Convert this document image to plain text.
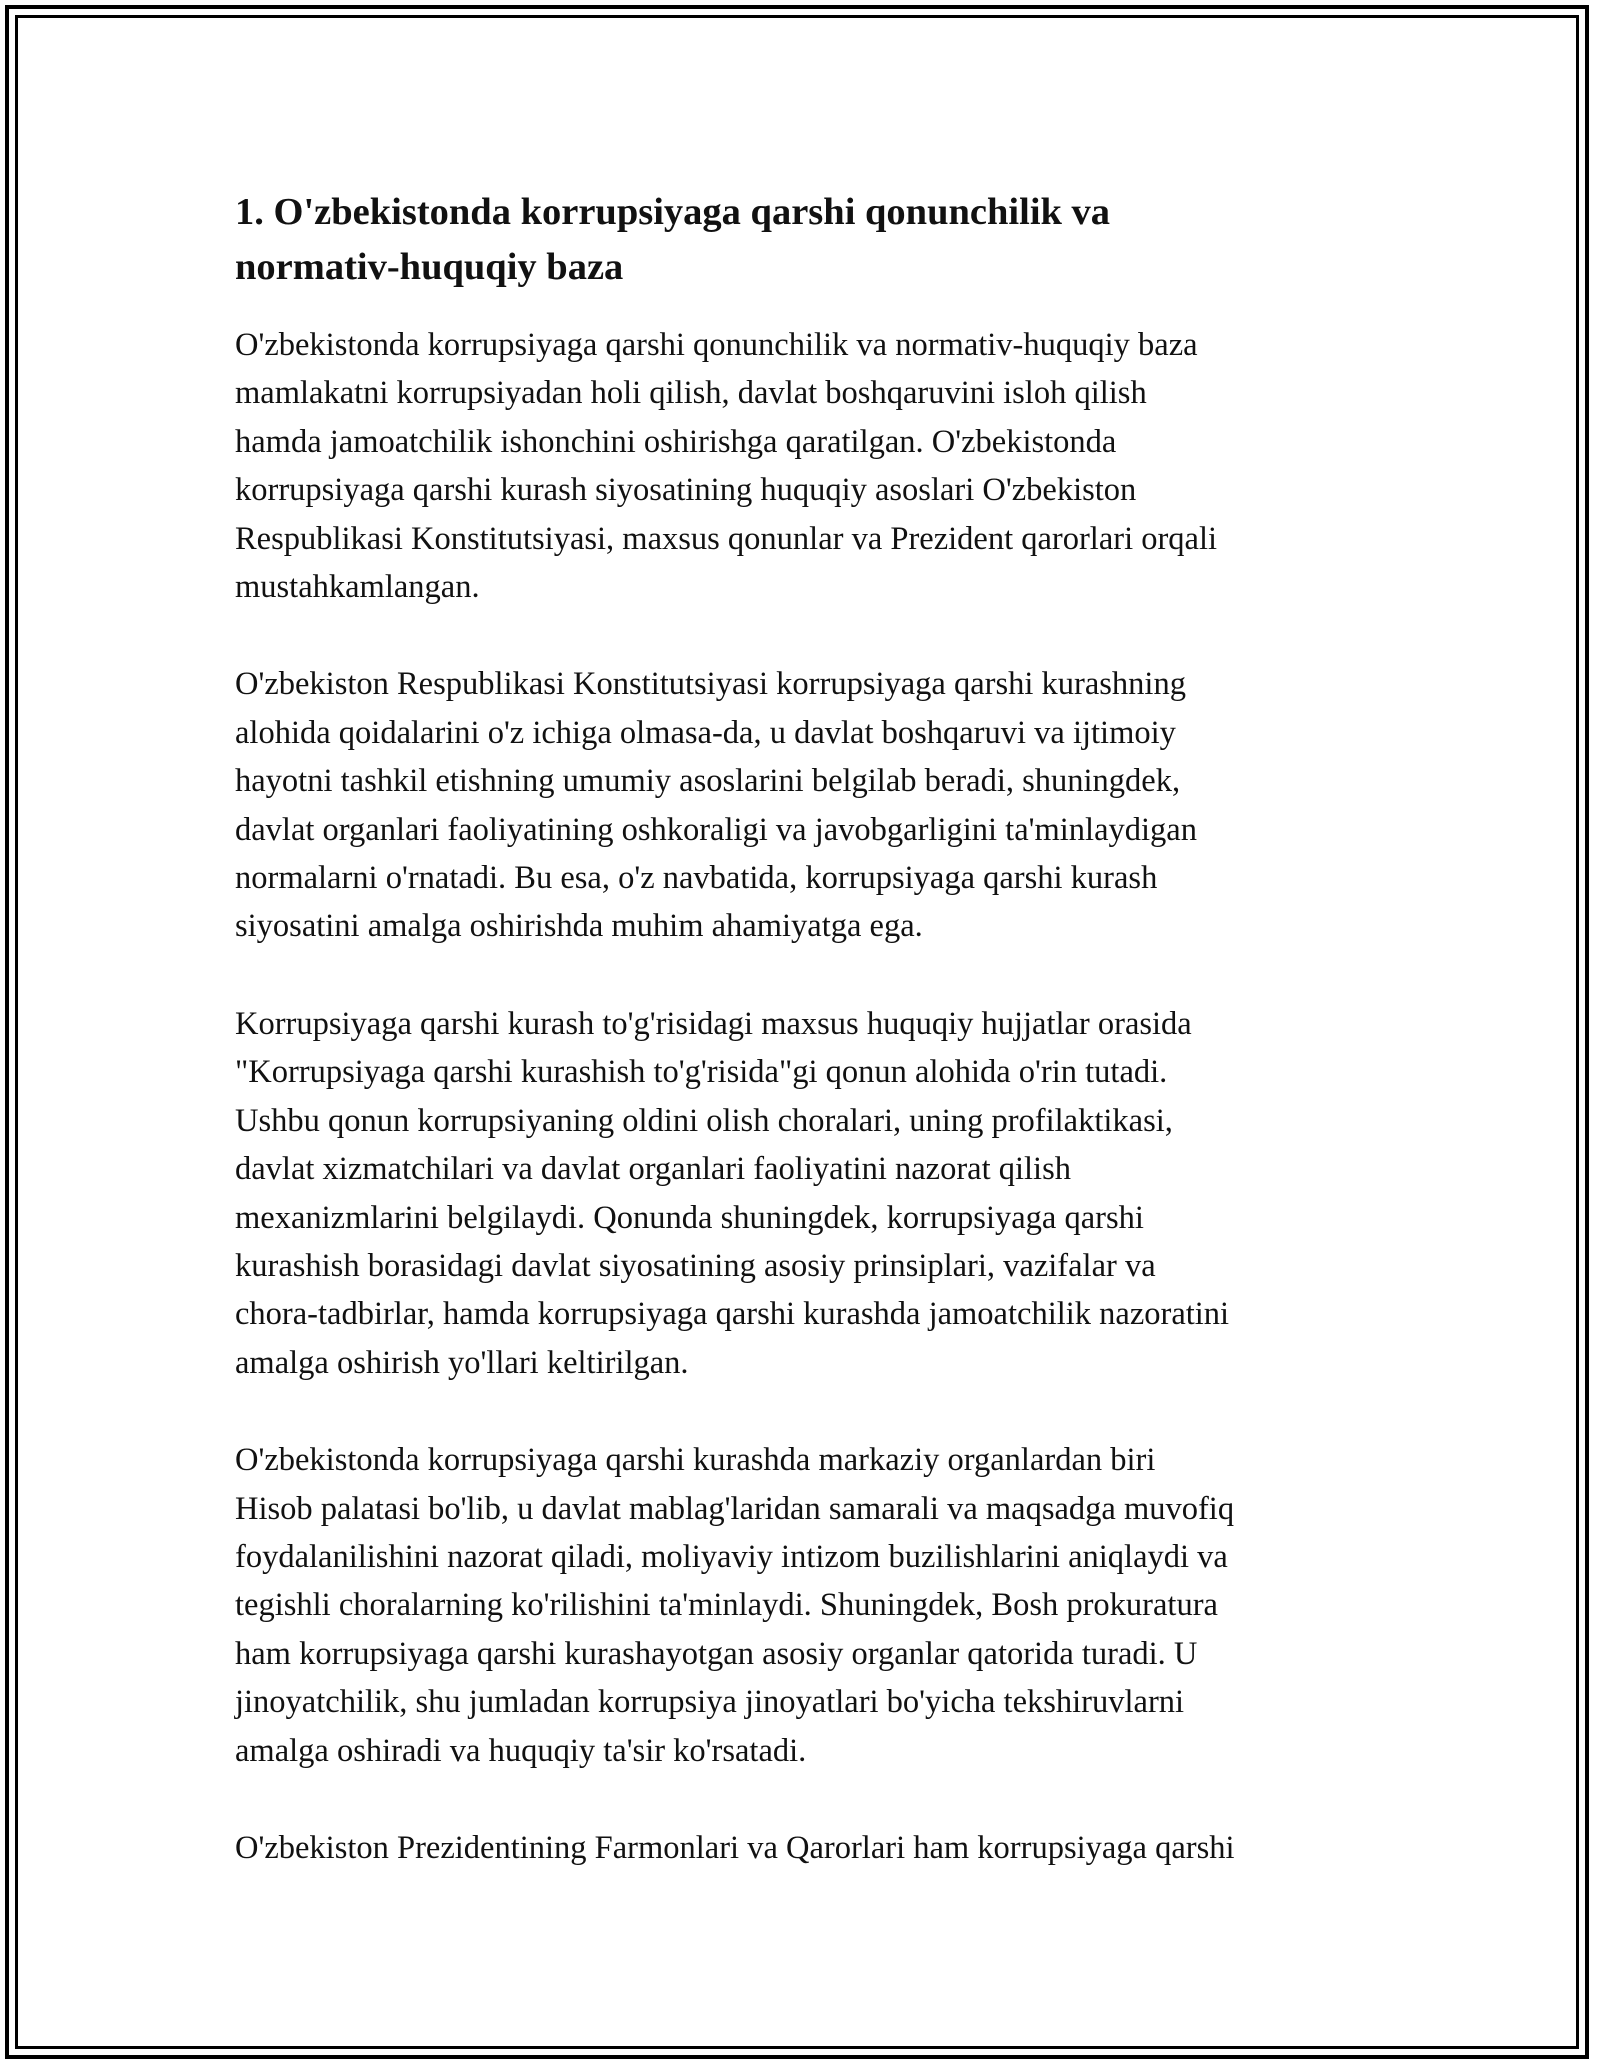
1. O'zbekistonda korrupsiyaga qarshi qonunchilik va
normativ-huquqiy baza

O'zbekistonda korrupsiyaga qarshi qonunchilik va normativ-huquqiy baza
mamlakatni korrupsiyadan holi qilish, davlat boshqaruvini isloh qilish
hamda jamoatchilik ishonchini oshirishga qaratilgan. O'zbekistonda
korrupsiyaga qarshi kurash siyosatining huquqiy asoslari O'zbekiston
Respublikasi Konstitutsiyasi, maxsus qonunlar va Prezident qarorlari orqali
mustahkamlangan.

O'zbekiston Respublikasi Konstitutsiyasi korrupsiyaga qarshi kurashning
alohida qoidalarini o'z ichiga olmasa-da, u davlat boshqaruvi va ijtimoiy
hayotni tashkil etishning umumiy asoslarini belgilab beradi, shuningdek,
davlat organlari faoliyatining oshkoraligi va javobgarligini ta'minlaydigan
normalarni o'rnatadi. Bu esa, o'z navbatida, korrupsiyaga qarshi kurash
siyosatini amalga oshirishda muhim ahamiyatga ega.

Korrupsiyaga qarshi kurash to'g'risidagi maxsus huquqiy hujjatlar orasida
"Korrupsiyaga qarshi kurashish to'g'risida"gi qonun alohida o'rin tutadi.
Ushbu qonun korrupsiyaning oldini olish choralari, uning profilaktikasi,
davlat xizmatchilari va davlat organlari faoliyatini nazorat qilish
mexanizmlarini belgilaydi. Qonunda shuningdek, korrupsiyaga qarshi
kurashish borasidagi davlat siyosatining asosiy prinsiplari, vazifalar va
chora-tadbirlar, hamda korrupsiyaga qarshi kurashda jamoatchilik nazoratini
amalga oshirish yo'llari keltirilgan.

O'zbekistonda korrupsiyaga qarshi kurashda markaziy organlardan biri
Hisob palatasi bo'lib, u davlat mablag'laridan samarali va maqsadga muvofiq
foydalanilishini nazorat qiladi, moliyaviy intizom buzilishlarini aniqlaydi va
tegishli choralarning ko'rilishini ta'minlaydi. Shuningdek, Bosh prokuratura
ham korrupsiyaga qarshi kurashayotgan asosiy organlar qatorida turadi. U
jinoyatchilik, shu jumladan korrupsiya jinoyatlari bo'yicha tekshiruvlarni
amalga oshiradi va huquqiy ta'sir ko'rsatadi.

O'zbekiston Prezidentining Farmonlari va Qarorlari ham korrupsiyaga qarshi
